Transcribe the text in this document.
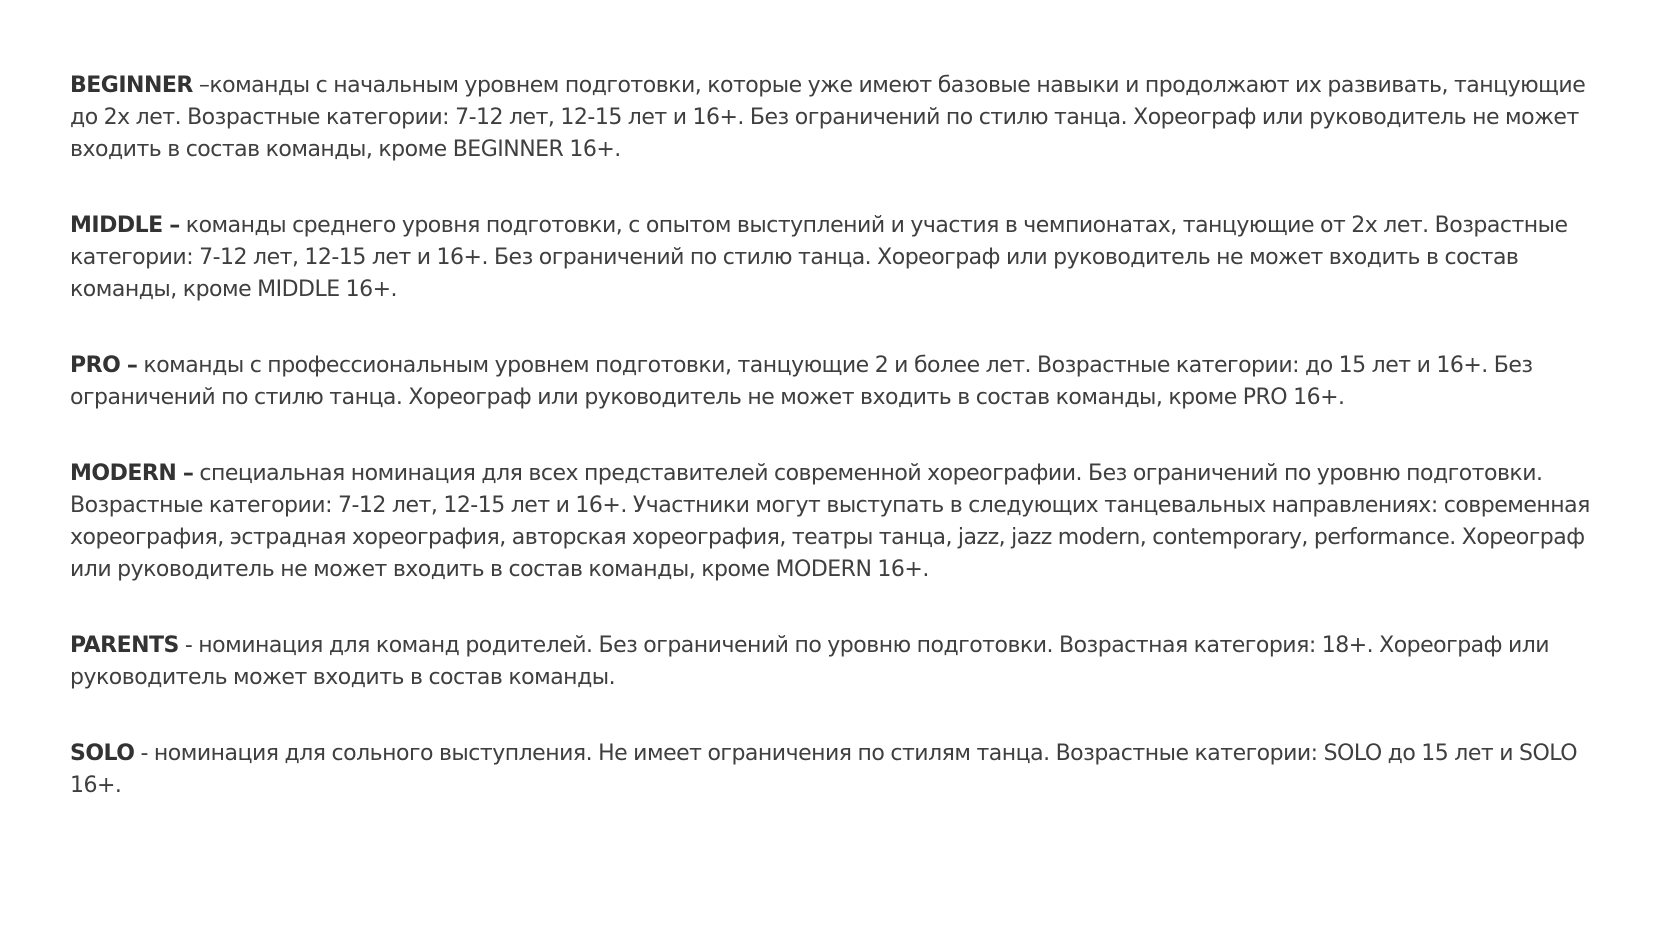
BEGINNER –команды с начальным уровнем подготовки, которые уже имеют базовые навыки и продолжают их развивать, танцующие до 2х лет. Возрастные категории: 7-12 лет, 12-15 лет и 16+. Без ограничений по стилю танца. Хореограф или руководитель не может входить в состав команды, кроме BEGINNER 16+.

MIDDLE – команды среднего уровня подготовки, с опытом выступлений и участия в чемпионатах, танцующие от 2х лет. Возрастные категории: 7-12 лет, 12-15 лет и 16+. Без ограничений по стилю танца. Хореограф или руководитель не может входить в состав команды, кроме MIDDLE 16+.

PRO – команды с профессиональным уровнем подготовки, танцующие 2 и более лет. Возрастные категории: до 15 лет и 16+. Без ограничений по стилю танца. Хореограф или руководитель не может входить в состав команды, кроме PRO 16+.

MODERN – специальная номинация для всех представителей современной хореографии. Без ограничений по уровню подготовки. Возрастные категории: 7-12 лет, 12-15 лет и 16+. Участники могут выступать в следующих танцевальных направлениях: современная хореография, эстрадная хореография, авторская хореография, театры танца, jazz, jazz modern, contemporary, performance. Хореограф или руководитель не может входить в состав команды, кроме MODERN 16+.

PARENTS - номинация для команд родителей. Без ограничений по уровню подготовки. Возрастная категория: 18+. Хореограф или руководитель может входить в состав команды.

SOLO - номинация для сольного выступления. Не имеет ограничения по стилям танца. Возрастные категории: SOLO до 15 лет и SOLO 16+.
